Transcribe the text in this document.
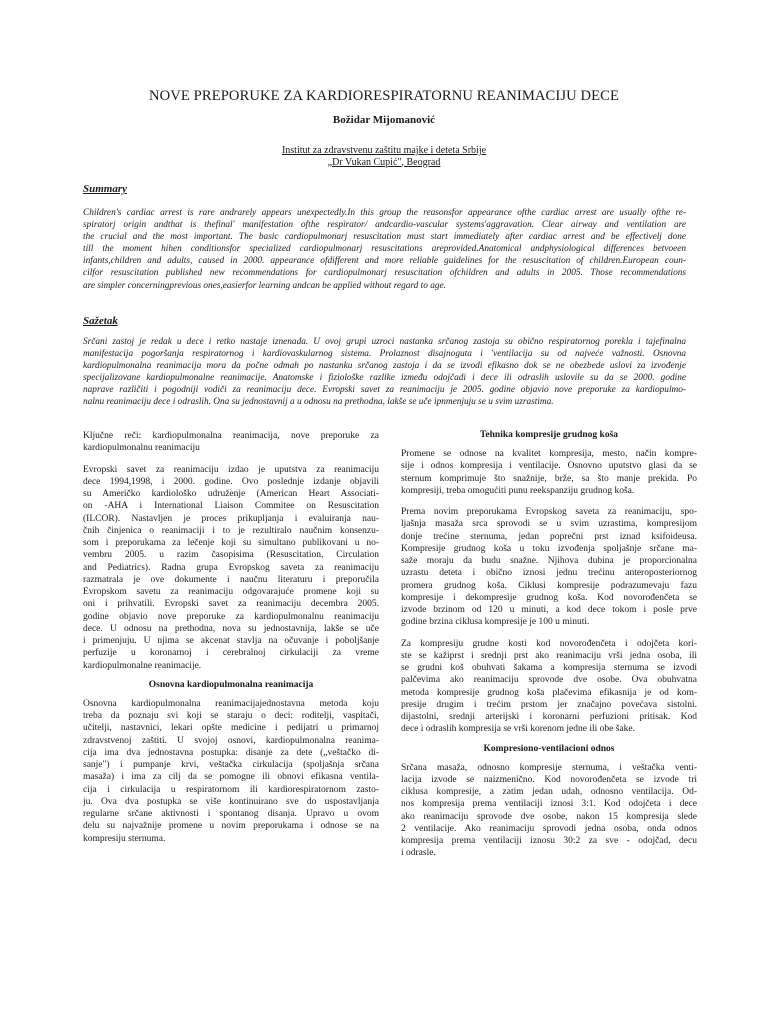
NOVE PREPORUKE ZA KARDIORESPIRATORNU REANIMACIJU DECE
Božidar Mijomanović
Institut za zdravstvenu zaštitu majke i deteta Srbije
„Dr Vukan Cupić", Beograd
Summary
Children's cardiac arrest is rare andrarely appears unexpectedly.In this group the reasonsfor appearance ofthe cardiac arrest are usually ofthe re-
spiratorj origin andthat is thefinal' manifestation ofthe respirator/ andcardio-vascular systems'aggravation. Clear airway and ventilation are
the crucial and the most important. The basic cardiopulmonarj resuscitation must start immediately after cardiac arrest and be effectivelj done
till the moment hihen conditionsfor specialized cardiopulmonarj resuscitations areprovided.Anatomical andphysiological differences betvoeen
infants,children and adults, caused in 2000. appearance ofdifferent and more reliable guidelines for the resuscitation of children.European coun-
cilfor resuscitation published new recommendations for cardiopulmonarj resuscitation ofchildren and adults in 2005. Those recommendations
are simpler concerningprevious ones,easierfor learning andcan be applied without regard to age.
Sažetak
Srčani zastoj je redak u dece i retko nastaje iznenada. U ovoj grupi uzroci nastanka srčanog zastoja su obično respiratornog porekla i tajefinalna
manifestacija pogoršanja respiratornog i kardiovaskularnog sistema. Prolaznost disajnoguta i 'ventilacija su od najveće važnosti. Osnovna
kardiopulmonalna reanimacija mora da počne odmah po nastanku srčanog zastoja i da se izvodi efikasno dok se ne obezbede uslovi za izvođenje
specijalizovane kardiopulmonalne reanimacije. Anatomske i fiziološke razlike između odojčadi i dece ili odraslih uslovile su da se 2000. godine
naprave različiti i pogodniji vodiči za reanimaciju dece. Evropski savet za reanimaciju je 2005. godine objavio nove preporuke za kardiopulmo-
nalnu reanimaciju dece i odraslih. Ona su jednostavnij a u odnosu na prethodna, lakše se uče ipnmenjuju se u svim uzrastima.
Ključne reči: kardiopulmonalna reanimacija, nove preporuke za
kardiopulmonalnu reanimaciju
Evropski savet za reanimaciju izdao je uputstva za reanimaciju
dece 1994,1998, i 2000. godine. Ovo poslednje izdanje objavili
su Američko kardiološko udruženje (American Heart Associati-
on -AHA i International Liaison Commitee on Resuscitation
(ILCOR). Nastavljen je proces prikupljanja i evaluiranja nau-
čnih činjenica o reanimaciji i to je rezultiralo naučnim konsenzu-
som i preporukama za lečenje koji su simultano publikovani u no-
vembru 2005. u razim časopisima (Resuscitation, Circulation
and Pediatrics). Radna grupa Evropskog saveta za reanimaciju
razmatrala je ove dokumente i naučnu literaturu i preporučila
Evropskom savetu za reanimaciju odgovarajuće promene koji su
oni i prihvatili. Evropski savet za reanimaciju decembra 2005.
godine objavio nove preporuke za kardiopulmonalnu reanimaciju
dece. U odnosu na prethodna, nova su jednostavnija, lakše se uče
i primenjuju. U njima se akcenat stavlja na očuvanje i poboljšanje
perfuzije u koronarnoj i cerebralnoj cirkulaciji za vreme
kardiopulmonalne reanimacije.
Osnovna kardiopulmonalna reanimacija
Osnovna kardiopulmonalna reanimacijajednostavna metoda koju
treba da poznaju svi koji se staraju o deci: roditelji, vaspitači,
učitelji, nastavnici, lekari opšte medicine i pedijatri u primarnoj
zdravstvenoj zaštiti. U svojoj osnovi, kardiopulmonalna reanima-
cija ima dva jednostavna postupka: disanje za dete („veštačko di-
sanje") i pumpanje krvi, veštačka cirkulacija (spoljašnja srčana
masaža) i ima za cilj da se pomogne ili obnovi efikasna ventila-
cija i cirkulacija u respiratornom ili kardiorespiratornom zasto-
ju. Ova dva postupka se više kontinuirano sve do uspostavljanja
regularne srčane aktivnosti i spontanog disanja. Upravo u ovom
delu su najvažnije promene u novim preporukama i odnose se na
kompresiju sternuma.
Tehnika kompresije grudnog koša
Promene se odnose na kvalitet kompresija, mesto, način kompre-
sije i odnos kompresija i ventilacije. Osnovno uputstvo glasi da se
sternum komprimuje što snažnije, brže, sa što manje prekida. Po
kompresiji, treba omogućiti punu reekspanziju grudnog koša.
Prema novim preporukama Evropskog saveta za reanimaciju, spo-
ljašnja masaža srca sprovodi se u svim uzrastima, kompresijom
donje trećine sternuma, jedan poprečni prst iznad ksifoideusa.
Kompresije grudnog koša u toku izvođenja spoljašnje srčane ma-
saže moraju da budu snažne. Njihova dubina je proporcionalna
uzrastu deteta i obično iznosi jednu trećinu anteroposteriornog
promera grudnog koša. Ciklusi kompresije podrazumevaju fazu
kompresije i dekompresije grudnog koša. Kod novorođenčeta se
izvode brzinom od 120 u minuti, a kod dece tokom i posle prve
godine brzina ciklusa kompresije je 100 u minuti.
Za kompresiju grudne kosti kod novorođenčeta i odojčeta kori-
ste se kažiprst i srednji prst ako reanimaciju vrši jedna osoba, ili
se grudni koš obuhvati šakama a kompresija sternuma se izvodi
palčevima ako reanimaciju sprovode dve osobe. Ova obuhvatna
metoda kompresije grudnog koša plačevima efikasnija je od kom-
presije drugim i trećim prstom jer značajno povećava sistolni.
dijastolni, srednji arterijski i koronarni perfuzioni pritisak. Kod
dece i odraslih kompresija se vrši korenom jedne ili obe šake.
Kompresiono-ventilacioni odnos
Srčana masaža, odnosno kompresije sternuma, i veštačka venti-
lacija izvode se naizmenično. Kod novorođenčeta se izvode tri
ciklusa kompresije, a zatim jedan udah, odnosno ventilacija. Od-
nos kompresija prema ventilaciji iznosi 3:1. Kod odojčeta i dece
ako reanimaciju sprovode dve osobe, nakon 15 kompresija slede
2 ventilacije. Ako reanimaciju sprovodi jedna osoba, onda odnos
kompresija prema ventilaciji iznosu 30:2 za sve - odojčad, decu
i odrasle.
